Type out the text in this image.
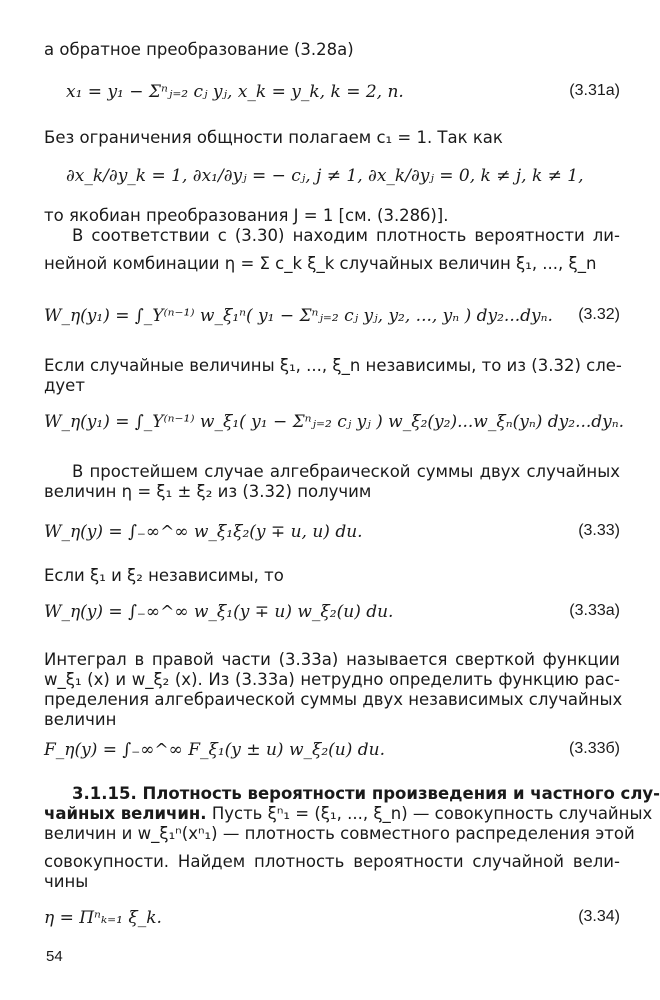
а обратное преобразование (3.28а)
x₁ = y₁ − Σⁿⱼ₌₂ cⱼ yⱼ, x_k = y_k, k = 2, n.	(3.31а)
Без ограничения общности полагаем c₁ = 1. Так как
∂x_k/∂y_k = 1, ∂x₁/∂yⱼ = − cⱼ, j ≠ 1, ∂x_k/∂yⱼ = 0, k ≠ j, k ≠ 1,
то якобиан преобразования J = 1 [см. (3.28б)].
В соответствии с (3.30) находим плотность вероятности ли-
нейной комбинации η = Σ c_k ξ_k случайных величин ξ₁, ..., ξ_n
W_η(y₁) = ∫_Y⁽ⁿ⁻¹⁾ w_ξ₁ⁿ( y₁ − Σⁿⱼ₌₂ cⱼ yⱼ, y₂, ..., yₙ ) dy₂...dyₙ. (3.32)
Если случайные величины ξ₁, ..., ξ_n независимы, то из (3.32) сле-
дует
W_η(y₁) = ∫_Y⁽ⁿ⁻¹⁾ w_ξ₁( y₁ − Σⁿⱼ₌₂ cⱼ yⱼ ) w_ξ₂(y₂)...w_ξₙ(yₙ) dy₂...dyₙ.
В простейшем случае алгебраической суммы двух случайных
величин η = ξ₁ ± ξ₂ из (3.32) получим
W_η(y) = ∫₋∞^∞ w_ξ₁ξ₂(y ∓ u, u) du.	(3.33)
Если ξ₁ и ξ₂ независимы, то
W_η(y) = ∫₋∞^∞ w_ξ₁(y ∓ u) w_ξ₂(u) du.	(3.33а)
Интеграл в правой части (3.33а) называется сверткой функции
w_ξ₁ (x) и w_ξ₂ (x). Из (3.33а) нетрудно определить функцию рас-
пределения алгебраической суммы двух независимых случайных
величин
F_η(y) = ∫₋∞^∞ F_ξ₁(y ± u) w_ξ₂(u) du.	(3.33б)
3.1.15. Плотность вероятности произведения и частного слу-
чайных величин. Пусть ξⁿ₁ = (ξ₁, ..., ξ_n) — совокупность случайных
величин и w_ξ₁ⁿ(xⁿ₁) — плотность совместного распределения этой
совокупности. Найдем плотность вероятности случайной вели-
чины
η = Πⁿₖ₌₁ ξ_k.	(3.34)
54
